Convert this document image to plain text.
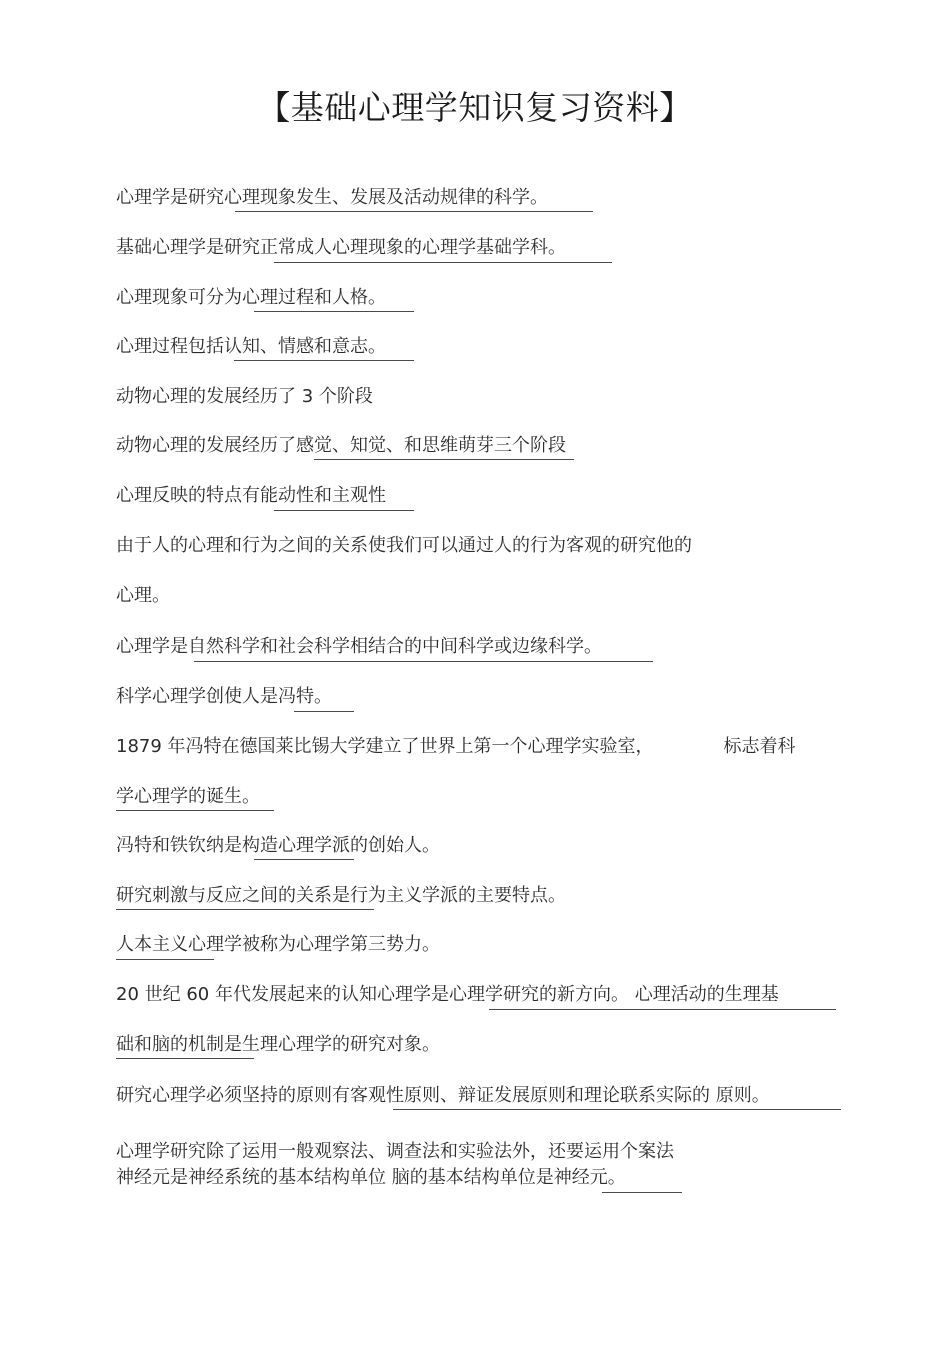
【基础心理学知识复习资料】
心理学是研究心理现象发生、发展及活动规律的科学。
基础心理学是研究正常成人心理现象的心理学基础学科。
心理现象可分为心理过程和人格。
心理过程包括认知、情感和意志。
动物心理的发展经历了 3 个阶段
动物心理的发展经历了感觉、知觉、和思维萌芽三个阶段
心理反映的特点有能动性和主观性
由于人的心理和行为之间的关系使我们可以通过人的行为客观的研究他的
心理。
心理学是自然科学和社会科学相结合的中间科学或边缘科学。
科学心理学创使人是冯特。
1879 年冯特在德国莱比锡大学建立了世界上第一个心理学实验室，	标志着科
学心理学的诞生。
冯特和铁钦纳是构造心理学派的创始人。
研究刺激与反应之间的关系是行为主义学派的主要特点。
人本主义心理学被称为心理学第三势力。
20 世纪 60 年代发展起来的认知心理学是心理学研究的新方向。 心理活动的生理基
础和脑的机制是生理心理学的研究对象。
研究心理学必须坚持的原则有客观性原则、辩证发展原则和理论联系实际的 原则。
心理学研究除了运用一般观察法、调查法和实验法外，还要运用个案法
神经元是神经系统的基本结构单位 脑的基本结构单位是神经元。
